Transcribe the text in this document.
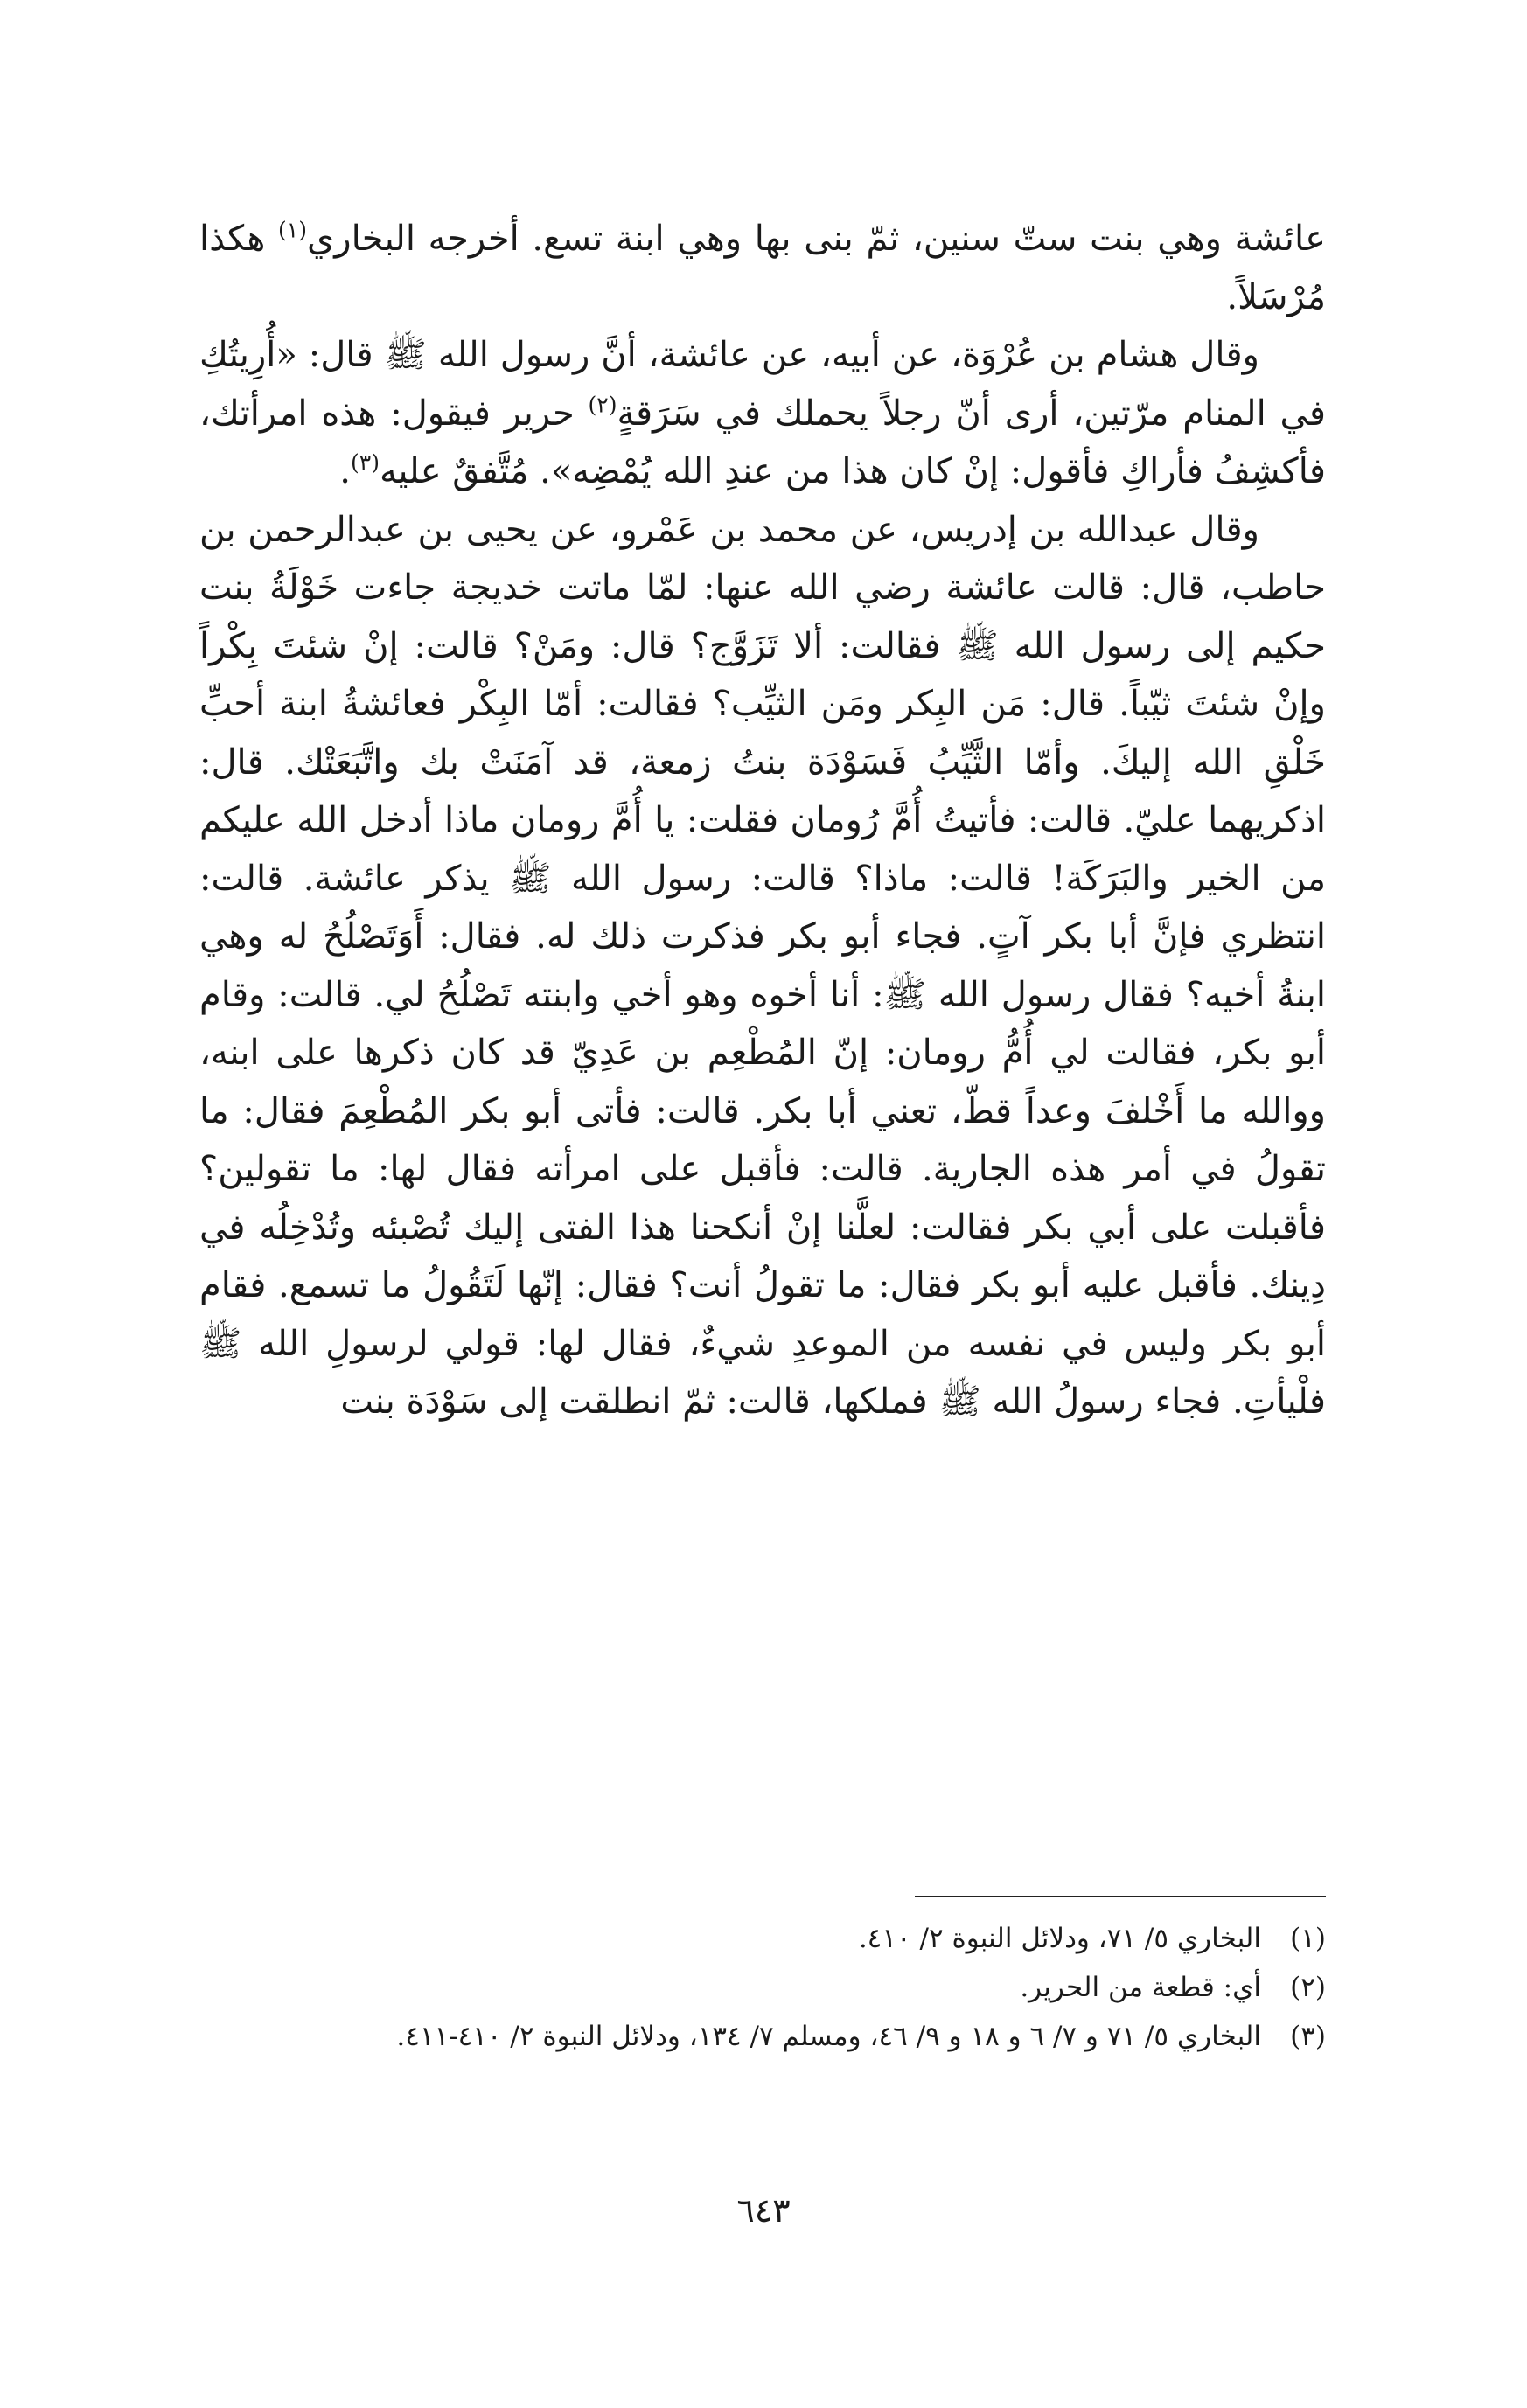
عائشة وهي بنت ستّ سنين، ثمّ بنى بها وهي ابنة تسع. أخرجه البخاري$^{(١)}$ هكذا مُرْسَلاً.

وقال هشام بن عُرْوَة، عن أبيه، عن عائشة، أنَّ رسول الله ﷺ قال: «أُرِيتُكِ في المنام مرّتين، أرى أنّ رجلاً يحملك في سَرَقةٍ$^{(٢)}$ حرير فيقول: هذه امرأتك، فأكشِفُ فأراكِ فأقول: إنْ كان هذا من عندِ الله يُمْضِه». مُتَّفقٌ عليه$^{(٣)}$.

وقال عبدالله بن إدريس، عن محمد بن عَمْرو، عن يحيى بن عبدالرحمن بن حاطب، قال: قالت عائشة رضي الله عنها: لمّا ماتت خديجة جاءت خَوْلَةُ بنت حكيم إلى رسول الله ﷺ فقالت: ألا تَزَوَّج؟ قال: ومَنْ؟ قالت: إنْ شئتَ بِكْراً وإنْ شئتَ ثيّباً. قال: مَن البِكر ومَن الثيِّب؟ فقالت: أمّا البِكْر فعائشةُ ابنة أحبِّ خَلْقِ الله إليكَ. وأمّا الثَّيِّبُ فَسَوْدَة بنتُ زمعة، قد آمَنَتْ بك واتَّبَعَتْك. قال: اذكريهما عليّ. قالت: فأتيتُ أُمَّ رُومان فقلت: يا أُمَّ رومان ماذا أدخل الله عليكم من الخير والبَرَكَة! قالت: ماذا؟ قالت: رسول الله ﷺ يذكر عائشة. قالت: انتظري فإنَّ أبا بكر آتٍ. فجاء أبو بكر فذكرت ذلك له. فقال: أَوَتَصْلُحُ له وهي ابنةُ أخيه؟ فقال رسول الله ﷺ: أنا أخوه وهو أخي وابنته تَصْلُحُ لي. قالت: وقام أبو بكر، فقالت لي أُمُّ رومان: إنّ المُطْعِم بن عَدِيّ قد كان ذكرها على ابنه، ووالله ما أَخْلفَ وعداً قطّ، تعني أبا بكر. قالت: فأتى أبو بكر المُطْعِمَ فقال: ما تقولُ في أمر هذه الجارية. قالت: فأقبل على امرأته فقال لها: ما تقولين؟ فأقبلت على أبي بكر فقالت: لعلَّنا إنْ أنكحنا هذا الفتى إليك تُصْبئه وتُدْخِلُه في دِينك. فأقبل عليه أبو بكر فقال: ما تقولُ أنت؟ فقال: إنّها لَتَقُولُ ما تسمع. فقام أبو بكر وليس في نفسه من الموعدِ شيءٌ، فقال لها: قولي لرسولِ الله ﷺ فلْيأتِ. فجاء رسولُ الله ﷺ فملكها، قالت: ثمّ انطلقت إلى سَوْدَة بنت

(١)
البخاري ٥/ ٧١، ودلائل النبوة ٢/ ٤١٠.
(٢)
أي: قطعة من الحرير.
(٣)
البخاري ٥/ ٧١ و ٧/ ٦ و ١٨ و ٩/ ٤٦، ومسلم ٧/ ١٣٤، ودلائل النبوة ٢/ ٤١٠-٤١١.
٦٤٣
